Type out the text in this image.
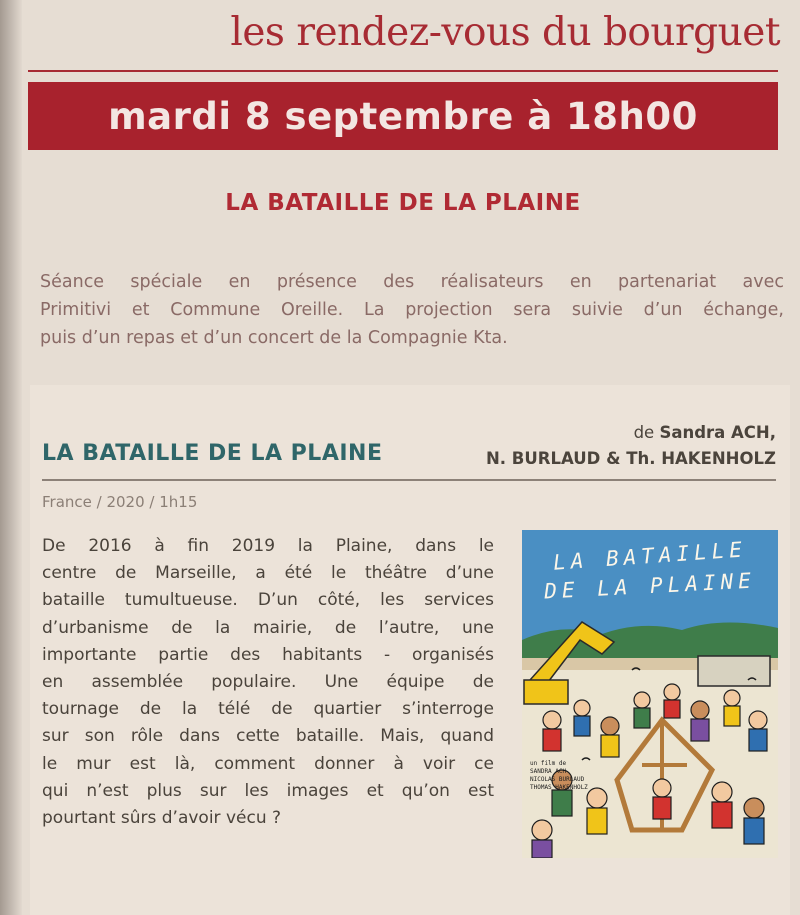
les rendez-vous du bourguet
mardi 8 septembre à 18h00
LA BATAILLE DE LA PLAINE
Séance spéciale en présence des réalisateurs en partenariat avec
Primitivi et Commune Oreille. La projection sera suivie d’un échange,
puis d’un repas et d’un concert de la Compagnie Kta.
de Sandra ACH,
LA BATAILLE DE LA PLAINE	N. BURLAUD & Th. HAKENHOLZ
France / 2020 / 1h15
De 2016 à fin 2019 la Plaine, dans le
centre de Marseille, a été le théâtre d’une
bataille tumultueuse. D’un côté, les services
d’urbanisme de la mairie, de l’autre, une
importante partie des habitants - organisés
en assemblée populaire. Une équipe de
tournage de la télé de quartier s’interroge
sur son rôle dans cette bataille. Mais, quand
le mur est là, comment donner à voir ce
qui n’est plus sur les images et qu’on est
pourtant sûrs d’avoir vécu ?
LA BATAILLE
DE LA PLAINE
un film de
SANDRA ACH
NICOLAS BURLAUD
THOMAS HAKENHOLZ
